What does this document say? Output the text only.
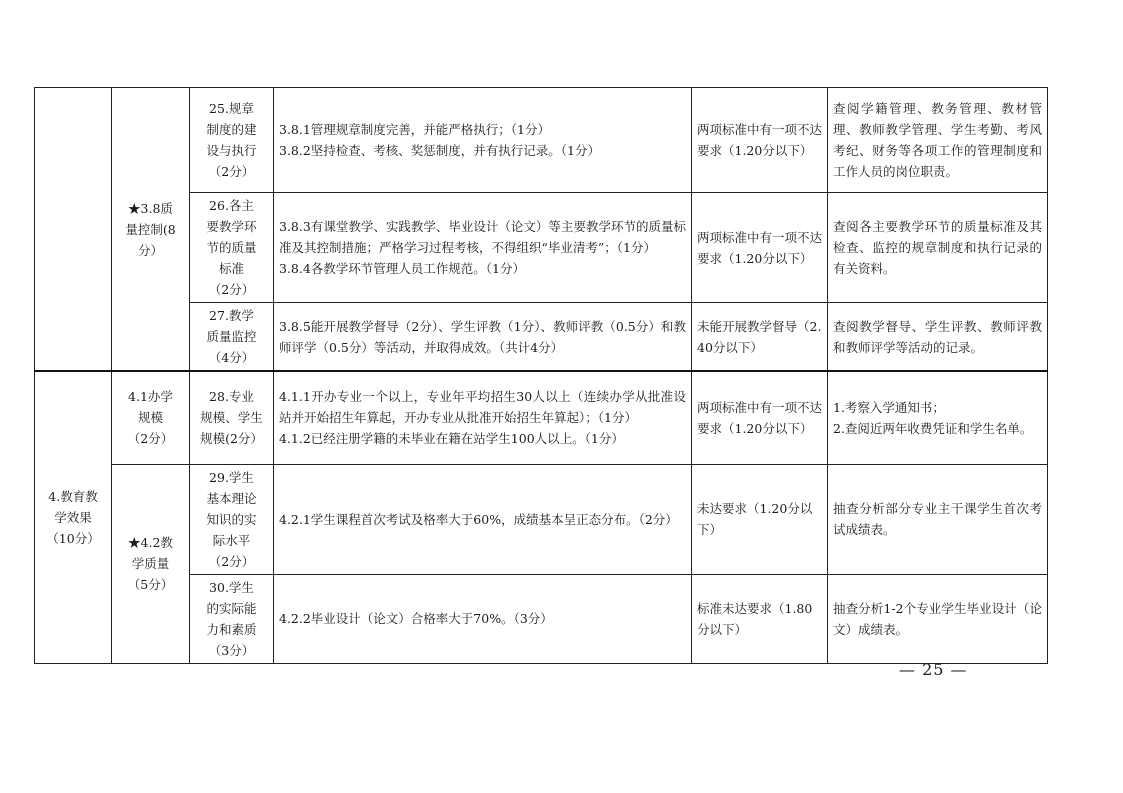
	★3.8质
量控制(8
分）	25.规章
制度的建
设与执行
（2分）	3.8.1管理规章制度完善，并能严格执行；（1分）
3.8.2坚持检查、考核、奖惩制度，并有执行记录。（1分）	两项标准中有一项不达要求（1.20分以下）	查阅学籍管理、教务管理、教材管理、教师教学管理、学生考勤、考风考纪、财务等各项工作的管理制度和工作人员的岗位职责。

		26.各主
要教学环
节的质量
标准
（2分）	3.8.3有课堂教学、实践教学、毕业设计（论文）等主要教学环节的质量标准及其控制措施；严格学习过程考核，不得组织“毕业清考”；（1分）
3.8.4各教学环节管理人员工作规范。（1分）	两项标准中有一项不达要求（1.20分以下）	查阅各主要教学环节的质量标准及其检查、监控的规章制度和执行记录的有关资料。

		27.教学
质量监控
（4分）	3.8.5能开展教学督导（2分）、学生评教（1分）、教师评教（0.5分）和教师评学（0.5分）等活动，并取得成效。（共计4分）	未能开展教学督导（2.40分以下）	查阅教学督导、学生评教、教师评教和教师评学等活动的记录。

4.教育教
学效果
（10分）	4.1办学
规模
（2分）	28.专业
规模、学生
规模(2分）	4.1.1开办专业一个以上，专业年平均招生30人以上（连续办学从批准设站并开始招生年算起，开办专业从批准开始招生年算起）；（1分）
4.1.2已经注册学籍的未毕业在籍在站学生100人以上。（1分）	两项标准中有一项不达要求（1.20分以下）	1.考察入学通知书；
2.查阅近两年收费凭证和学生名单。

	★4.2教
学质量
（5分）	29.学生
基本理论
知识的实
际水平
（2分）	4.2.1学生课程首次考试及格率大于60%，成绩基本呈正态分布。（2分）	未达要求（1.20分以下）	抽查分析部分专业主干课学生首次考试成绩表。

		30.学生
的实际能
力和素质
（3分）	4.2.2毕业设计（论文）合格率大于70%。（3分）	标准未达要求（1.80分以下）	抽查分析1-2个专业学生毕业设计（论文）成绩表。
— 25 —
